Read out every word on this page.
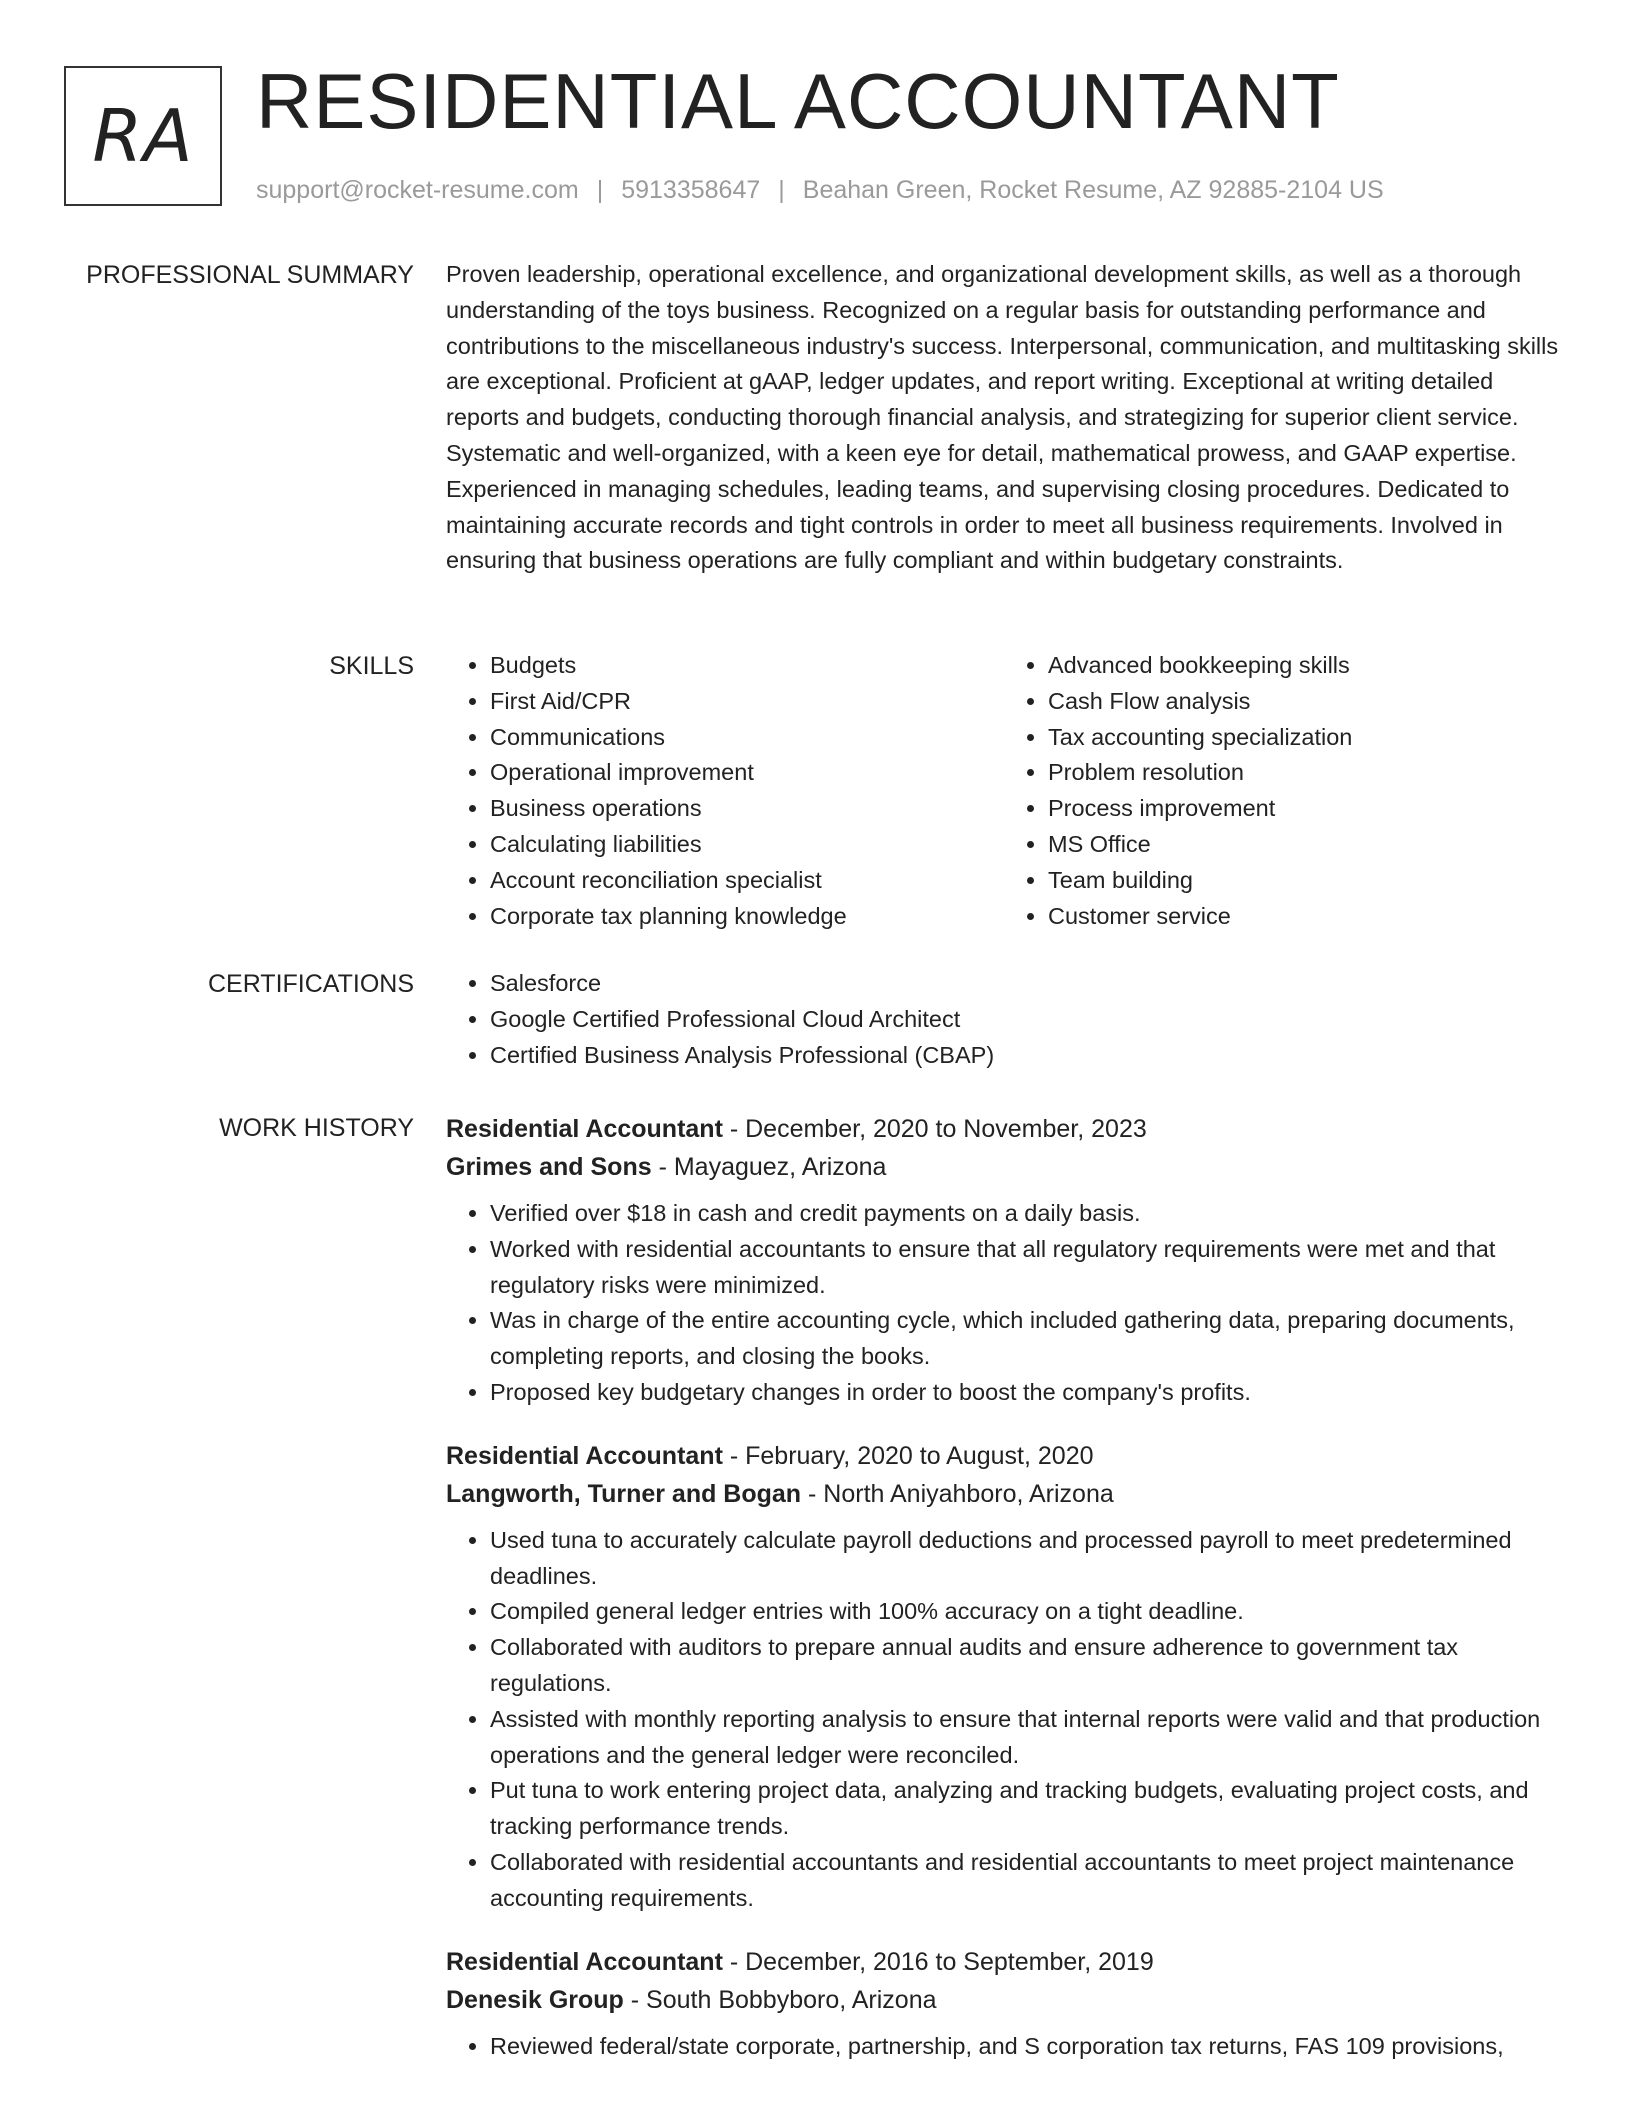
RA RESIDENTIAL ACCOUNTANT
support@rocket-resume.com | 5913358647 | Beahan Green, Rocket Resume, AZ 92885-2104 US
PROFESSIONAL SUMMARY Proven leadership, operational excellence, and organizational development skills, as well as a thorough understanding of the toys business. Recognized on a regular basis for outstanding performance and contributions to the miscellaneous industry's success. Interpersonal, communication, and multitasking skills are exceptional. Proficient at gAAP, ledger updates, and report writing. Exceptional at writing detailed reports and budgets, conducting thorough financial analysis, and strategizing for superior client service. Systematic and well-organized, with a keen eye for detail, mathematical prowess, and GAAP expertise. Experienced in managing schedules, leading teams, and supervising closing procedures. Dedicated to maintaining accurate records and tight controls in order to meet all business requirements. Involved in ensuring that business operations are fully compliant and within budgetary constraints.

SKILLS	• Budgets
• First Aid/CPR
• Communications
• Operational improvement
• Business operations
• Calculating liabilities
• Account reconciliation specialist
• Corporate tax planning knowledge
• Advanced bookkeeping skills
• Cash Flow analysis
• Tax accounting specialization
• Problem resolution
• Process improvement
• MS Office
• Team building
• Customer service
CERTIFICATIONS	• Salesforce
• Google Certified Professional Cloud Architect
• Certified Business Analysis Professional (CBAP)
WORK HISTORY Residential Accountant - December, 2020 to November, 2023
Grimes and Sons - Mayaguez, Arizona
• Verified over $18 in cash and credit payments on a daily basis.
• Worked with residential accountants to ensure that all regulatory requirements were met and that regulatory risks were minimized.
• Was in charge of the entire accounting cycle, which included gathering data, preparing documents, completing reports, and closing the books.
• Proposed key budgetary changes in order to boost the company's profits.
Residential Accountant - February, 2020 to August, 2020
Langworth, Turner and Bogan - North Aniyahboro, Arizona
• Used tuna to accurately calculate payroll deductions and processed payroll to meet predetermined deadlines.
• Compiled general ledger entries with 100% accuracy on a tight deadline.
• Collaborated with auditors to prepare annual audits and ensure adherence to government tax regulations.
• Assisted with monthly reporting analysis to ensure that internal reports were valid and that production operations and the general ledger were reconciled.
• Put tuna to work entering project data, analyzing and tracking budgets, evaluating project costs, and tracking performance trends.
• Collaborated with residential accountants and residential accountants to meet project maintenance accounting requirements.
Residential Accountant - December, 2016 to September, 2019
Denesik Group - South Bobbyboro, Arizona
• Reviewed federal/state corporate, partnership, and S corporation tax returns, FAS 109 provisions,
